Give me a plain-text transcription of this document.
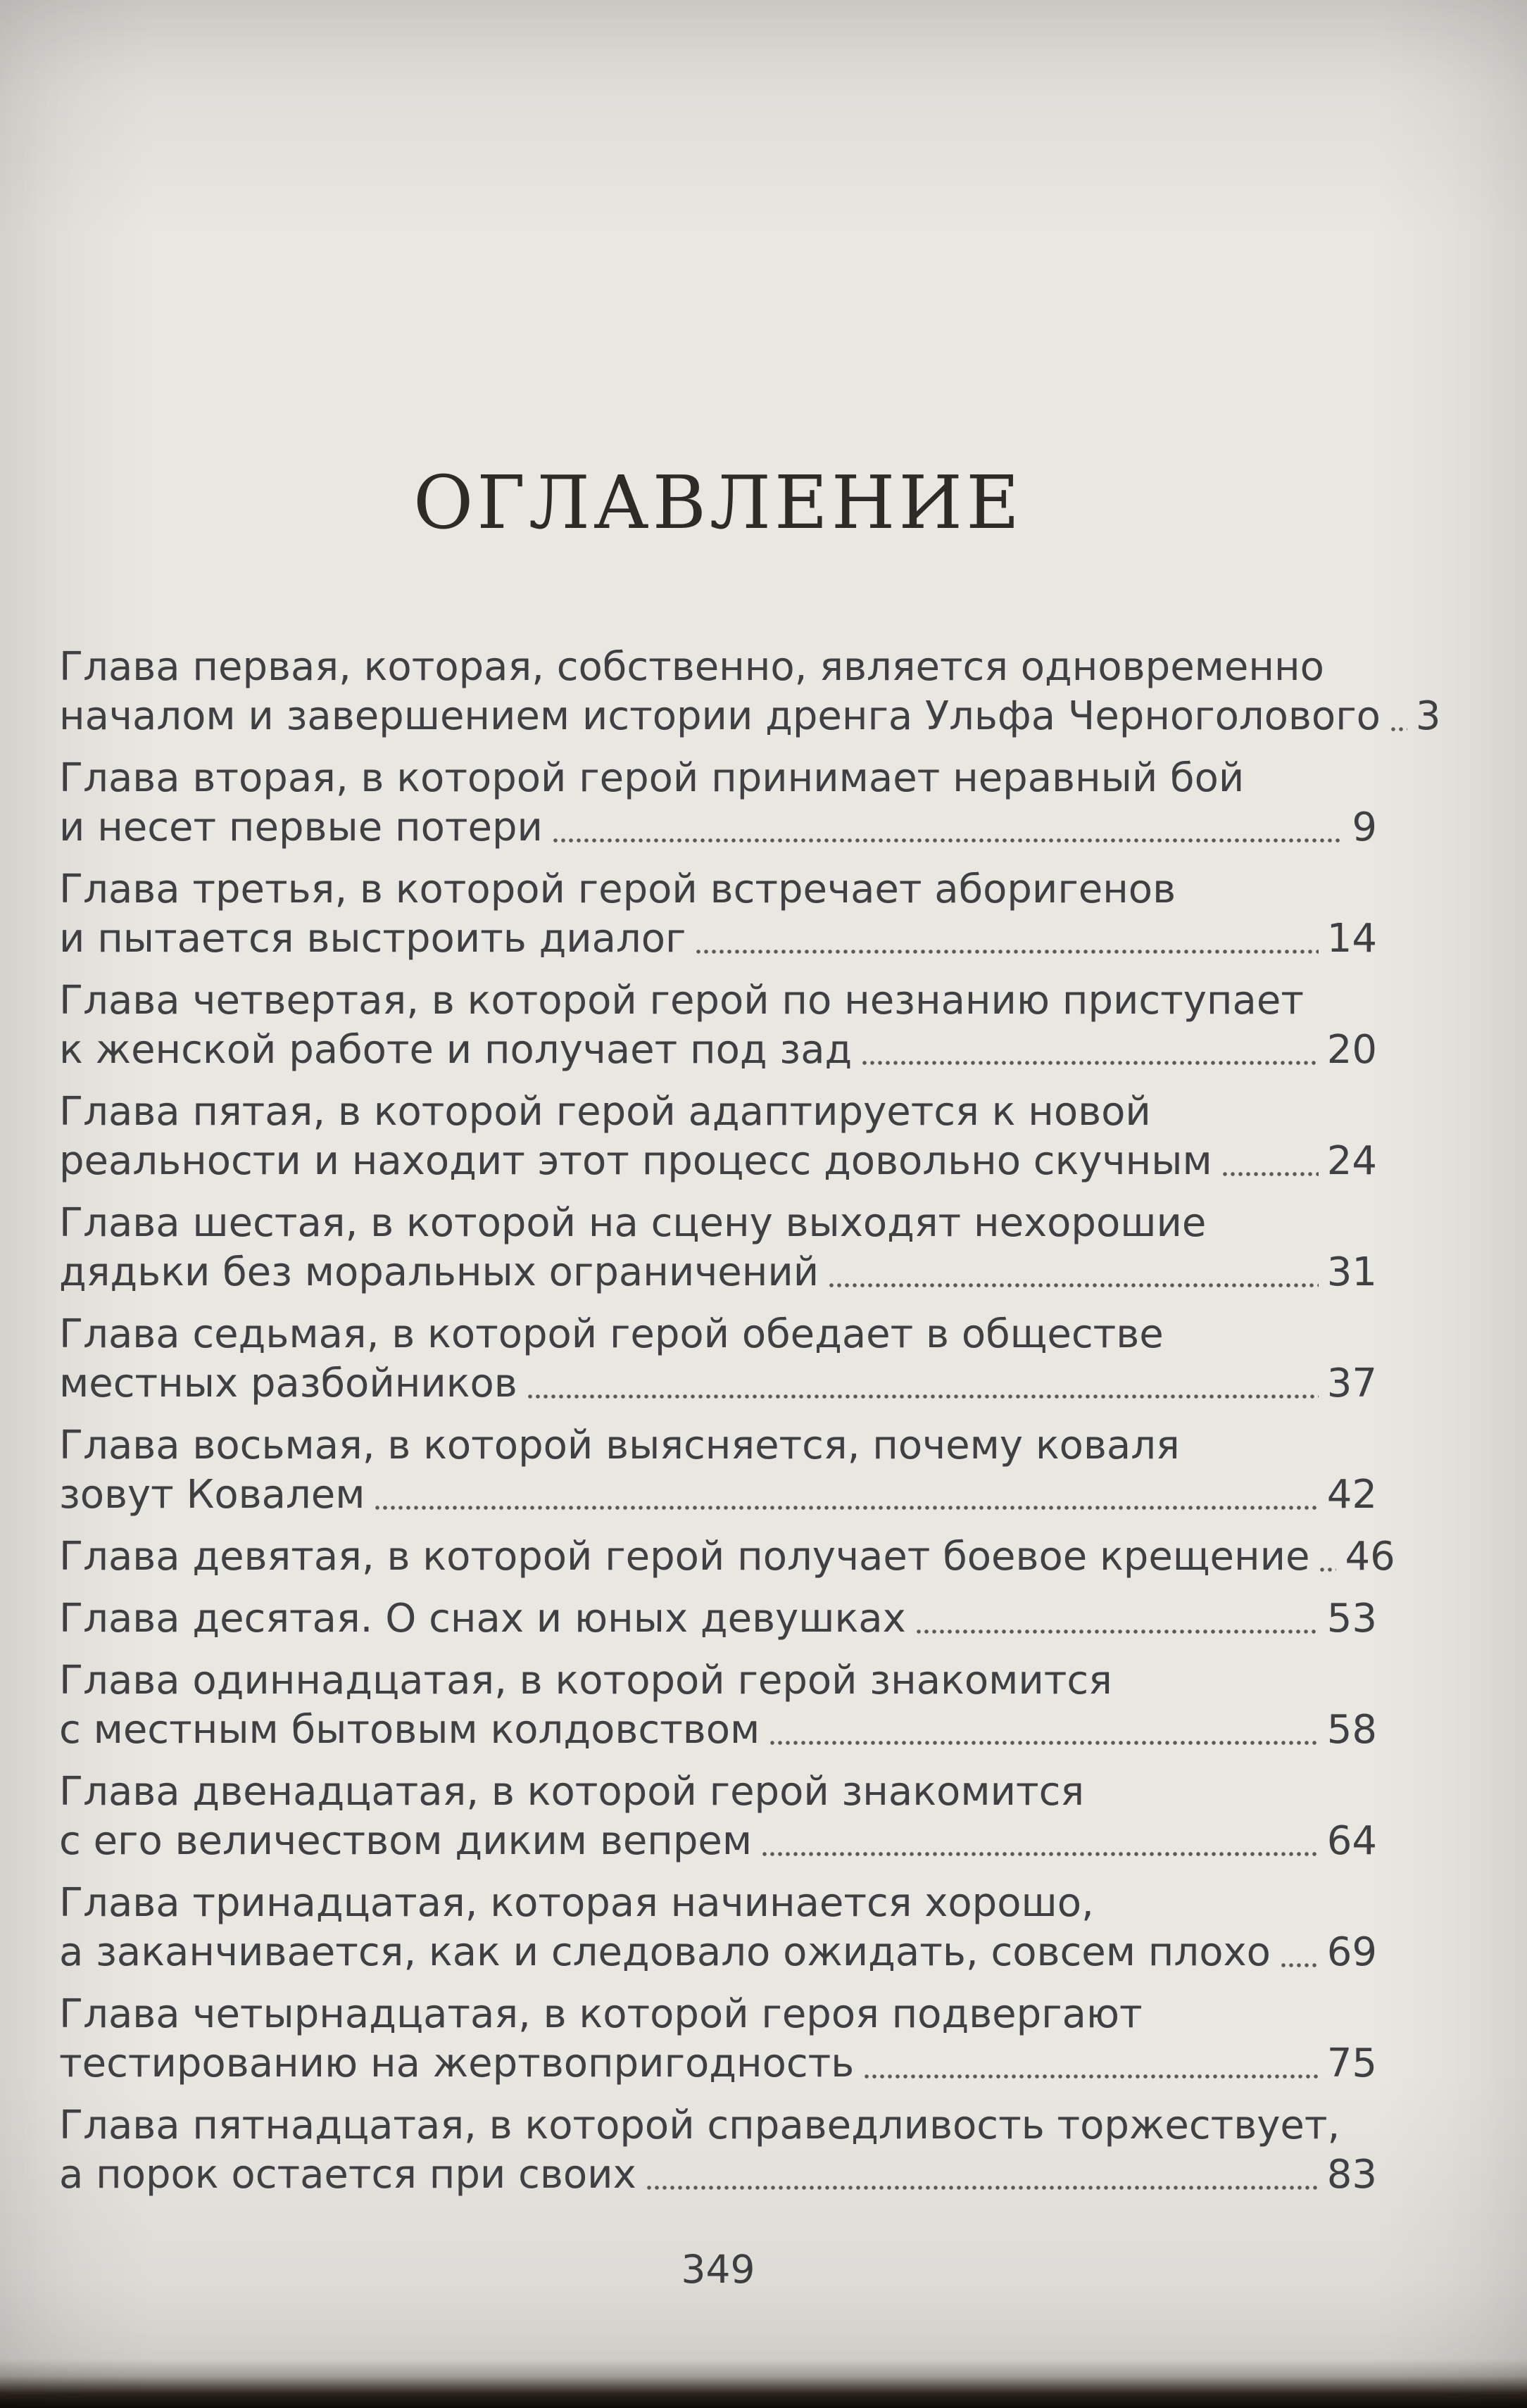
ОГЛАВЛЕНИЕ
Глава первая, которая, собственно, является одновременно
началом и завершением истории дренга Ульфа Черноголового 3
Глава вторая, в которой герой принимает неравный бой
и несет первые потери	9
Глава третья, в которой герой встречает аборигенов
и пытается выстроить диалог	14
Глава четвертая, в которой герой по незнанию приступает
к женской работе и получает под зад	20
Глава пятая, в которой герой адаптируется к новой
реальности и находит этот процесс довольно скучным	24
Глава шестая, в которой на сцену выходят нехорошие
дядьки без моральных ограничений	31
Глава седьмая, в которой герой обедает в обществе
местных разбойников	37
Глава восьмая, в которой выясняется, почему коваля
зовут Ковалем	42
Глава девятая, в которой герой получает боевое крещение 46
Глава десятая. О снах и юных девушках	53
Глава одиннадцатая, в которой герой знакомится
с местным бытовым колдовством	58
Глава двенадцатая, в которой герой знакомится
с его величеством диким вепрем	64
Глава тринадцатая, которая начинается хорошо,
а заканчивается, как и следовало ожидать, совсем плохо 69
Глава четырнадцатая, в которой героя подвергают
тестированию на жертвопригодность	75
Глава пятнадцатая, в которой справедливость торжествует,
а порок остается при своих	83
349
